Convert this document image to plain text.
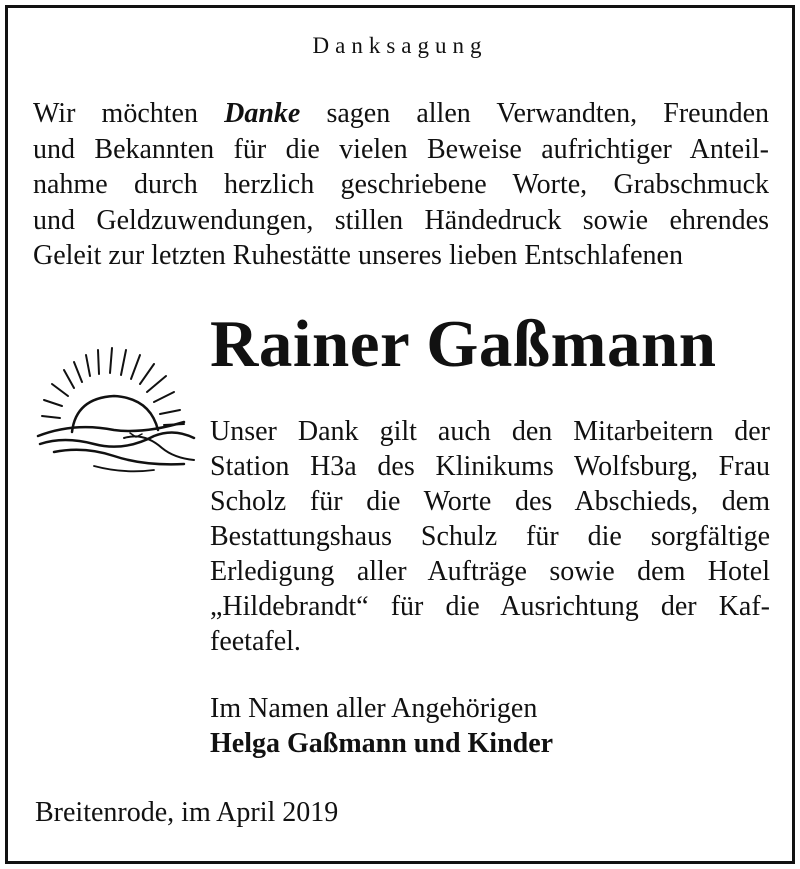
Danksagung
Wir möchten Danke sagen allen Verwandten, Freunden
und Bekannten für die vielen Beweise aufrichtiger Anteil-
nahme durch herzlich geschriebene Worte, Grabschmuck
und Geldzuwendungen, stillen Händedruck sowie ehrendes
Geleit zur letzten Ruhestätte unseres lieben Entschlafenen
Rainer Gaßmann
Unser Dank gilt auch den Mitarbeitern der
Station H3a des Klinikums Wolfsburg, Frau
Scholz für die Worte des Abschieds, dem
Bestattungshaus Schulz für die sorgfältige
Erledigung aller Aufträge sowie dem Hotel
„Hildebrandt“ für die Ausrichtung der Kaf-
feetafel.
Im Namen aller Angehörigen
Helga Gaßmann und Kinder
Breitenrode, im April 2019
